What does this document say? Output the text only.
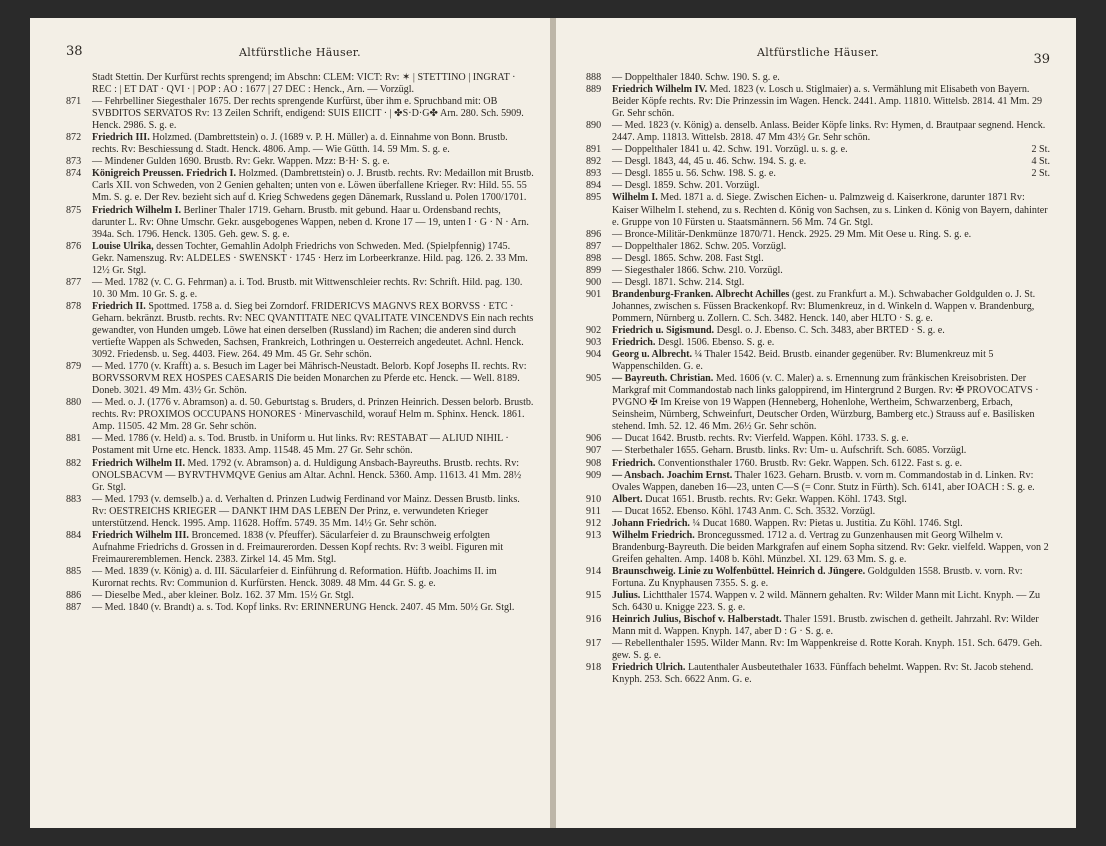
38	Altfürstliche Häuser.

Stadt Stettin. Der Kurfürst rechts sprengend; im Abschn: CLEM: VICT: Rv: ✶ | STETTINO | INGRAT · REC : | ET DAT · QVI · | POP : AO : 1677 | 27 DEC : Henck., Arn. — Vorzügl.

871	— Fehrbelliner Siegesthaler 1675. Der rechts sprengende Kurfürst, über ihm e. Spruchband mit: OB SVBDITOS SERVATOS Rv: 13 Zeilen Schrift, endigend: SUIS EIICIT · | ✤S·D·G✤ Arn. 280. Sch. 5909. Henck. 2986. S. g. e.

872	Friedrich III. Holzmed. (Dambrettstein) o. J. (1689 v. P. H. Müller) a. d. Einnahme von Bonn. Brustb. rechts. Rv: Beschiessung d. Stadt. Henck. 4806. Amp. — Wie Gütth. 14. 59 Mm. S. g. e.

873	— Mindener Gulden 1690. Brustb. Rv: Gekr. Wappen. Mzz: B·H· S. g. e.

874	Königreich Preussen. Friedrich I. Holzmed. (Dambrettstein) o. J. Brustb. rechts. Rv: Medaillon mit Brustb. Carls XII. von Schweden, von 2 Genien gehalten; unten von e. Löwen überfallene Krieger. Rv: Hild. 55. 55 Mm. S. g. e. Der Rev. bezieht sich auf d. Krieg Schwedens gegen Dänemark, Russland u. Polen 1700/1701.

875	Friedrich Wilhelm I. Berliner Thaler 1719. Geharn. Brustb. mit gebund. Haar u. Ordensband rechts, darunter L. Rv: Ohne Umschr. Gekr. ausgebogenes Wappen, neben d. Krone 17 — 19, unten I · G · N · Arn. 394a. Sch. 1796. Henck. 1305. Geh. gew. S. g. e.

876	Louise Ulrika, dessen Tochter, Gemahlin Adolph Friedrichs von Schweden. Med. (Spielpfennig) 1745. Gekr. Namenszug. Rv: ALDELES · SWENSKT · 1745 · Herz im Lorbeerkranze. Hild. pag. 126. 2. 33 Mm. 12½ Gr. Stgl.

877	— Med. 1782 (v. C. G. Fehrman) a. i. Tod. Brustb. mit Wittwenschleier rechts. Rv: Schrift. Hild. pag. 130. 10. 30 Mm. 10 Gr. S. g. e.

878	Friedrich II. Spottmed. 1758 a. d. Sieg bei Zorndorf. FRIDERICVS MAGNVS REX BORVSS · ETC · Geharn. bekränzt. Brustb. rechts. Rv: NEC QVANTITATE NEC QVALITATE VINCENDVS Ein nach rechts gewandter, von Hunden umgeb. Löwe hat einen derselben (Russland) im Rachen; die anderen sind durch vertiefte Wappen als Schweden, Sachsen, Frankreich, Lothringen u. Oesterreich angedeutet. Achnl. Henck. 3092. Friedensb. u. Seg. 4403. Fiew. 264. 49 Mm. 45 Gr. Sehr schön.

879	— Med. 1770 (v. Krafft) a. s. Besuch im Lager bei Mährisch-Neustadt. Belorb. Kopf Josephs II. rechts. Rv: BORVSSORVM REX HOSPES CAESARIS Die beiden Monarchen zu Pferde etc. Henck. — Well. 8189. Doneb. 3021. 49 Mm. 43½ Gr. Schön.

880	— Med. o. J. (1776 v. Abramson) a. d. 50. Geburtstag s. Bruders, d. Prinzen Heinrich. Dessen belorb. Brustb. rechts. Rv: PROXIMOS OCCUPANS HONORES · Minervaschild, worauf Helm m. Sphinx. Henck. 1861. Amp. 11505. 42 Mm. 28 Gr. Sehr schön.

881	— Med. 1786 (v. Held) a. s. Tod. Brustb. in Uniform u. Hut links. Rv: RESTABAT — ALIUD NIHIL · Postament mit Urne etc. Henck. 1833. Amp. 11548. 45 Mm. 27 Gr. Sehr schön.

882	Friedrich Wilhelm II. Med. 1792 (v. Abramson) a. d. Huldigung Ansbach-Bayreuths. Brustb. rechts. Rv: ONOLSBACVM — BYRVTHVMQVE Genius am Altar. Achnl. Henck. 5360. Amp. 11613. 41 Mm. 28½ Gr. Stgl.

883	— Med. 1793 (v. demselb.) a. d. Verhalten d. Prinzen Ludwig Ferdinand vor Mainz. Dessen Brustb. links. Rv: OESTREICHS KRIEGER — DANKT IHM DAS LEBEN Der Prinz, e. verwundeten Krieger unterstützend. Henck. 1995. Amp. 11628. Hoffm. 5749. 35 Mm. 14½ Gr. Sehr schön.

884	Friedrich Wilhelm III. Broncemed. 1838 (v. Pfeuffer). Säcularfeier d. zu Braunschweig erfolgten Aufnahme Friedrichs d. Grossen in d. Freimaurerorden. Dessen Kopf rechts. Rv: 3 weibl. Figuren mit Freimaureremblemen. Henck. 2383. Zirkel 14. 45 Mm. Stgl.

885	— Med. 1839 (v. König) a. d. III. Säcularfeier d. Einführung d. Reformation. Hüftb. Joachims II. im Kurornat rechts. Rv: Communion d. Kurfürsten. Henck. 3089. 48 Mm. 44 Gr. S. g. e.

886	— Dieselbe Med., aber kleiner. Bolz. 162. 37 Mm. 15½ Gr. Stgl.

887	— Med. 1840 (v. Brandt) a. s. Tod. Kopf links. Rv: ERINNERUNG Henck. 2407. 45 Mm. 50½ Gr. Stgl.

Altfürstliche Häuser.	39

888	— Doppelthaler 1840. Schw. 190. S. g. e.

889	Friedrich Wilhelm IV. Med. 1823 (v. Losch u. Stiglmaier) a. s. Vermählung mit Elisabeth von Bayern. Beider Köpfe rechts. Rv: Die Prinzessin im Wagen. Henck. 2441. Amp. 11810. Wittelsb. 2814. 41 Mm. 29 Gr. Sehr schön.

890	— Med. 1823 (v. König) a. denselb. Anlass. Beider Köpfe links. Rv: Hymen, d. Brautpaar segnend. Henck. 2447. Amp. 11813. Wittelsb. 2818. 47 Mm 43½ Gr. Sehr schön.

891	— Doppelthaler 1841 u. 42. Schw. 191. Vorzügl. u. s. g. e.	2 St.

892	— Desgl. 1843, 44, 45 u. 46. Schw. 194. S. g. e.	4 St.

893	— Desgl. 1855 u. 56. Schw. 198. S. g. e.	2 St.

894	— Desgl. 1859. Schw. 201. Vorzügl.

895	Wilhelm I. Med. 1871 a. d. Siege. Zwischen Eichen- u. Palmzweig d. Kaiserkrone, darunter 1871 Rv: Kaiser Wilhelm I. stehend, zu s. Rechten d. König von Sachsen, zu s. Linken d. König von Bayern, dahinter e. Gruppe von 10 Fürsten u. Staatsmännern. 56 Mm. 74 Gr. Stgl.

896	— Bronce-Militär-Denkmünze 1870/71. Henck. 2925. 29 Mm. Mit Oese u. Ring. S. g. e.

897	— Doppelthaler 1862. Schw. 205. Vorzügl.

898	— Desgl. 1865. Schw. 208. Fast Stgl.

899	— Siegesthaler 1866. Schw. 210. Vorzügl.

900	— Desgl. 1871. Schw. 214. Stgl.

901	Brandenburg-Franken. Albrecht Achilles (gest. zu Frankfurt a. M.). Schwabacher Goldgulden o. J. St. Johannes, zwischen s. Füssen Brackenkopf. Rv: Blumenkreuz, in d. Winkeln d. Wappen v. Brandenburg, Pommern, Nürnberg u. Zollern. C. Sch. 3482. Henck. 140, aber HLTO · S. g. e.

902	Friedrich u. Sigismund. Desgl. o. J. Ebenso. C. Sch. 3483, aber BRTED · S. g. e.

903	Friedrich. Desgl. 1506. Ebenso. S. g. e.

904	Georg u. Albrecht. ¼ Thaler 1542. Beid. Brustb. einander gegenüber. Rv: Blumenkreuz mit 5 Wappenschilden. G. e.

905	— Bayreuth. Christian. Med. 1606 (v. C. Maler) a. s. Ernennung zum fränkischen Kreisobristen. Der Markgraf mit Commandostab nach links galoppirend, im Hintergrund 2 Burgen. Rv: ✠ PROVOCATVS · PVGNO ✠ Im Kreise von 19 Wappen (Henneberg, Hohenlohe, Wertheim, Schwarzenberg, Erbach, Seinsheim, Nürnberg, Schweinfurt, Deutscher Orden, Würzburg, Bamberg etc.) Strauss auf e. Basilisken stehend. Imh. 52. 12. 46 Mm. 26½ Gr. Sehr schön.

906	— Ducat 1642. Brustb. rechts. Rv: Vierfeld. Wappen. Köhl. 1733. S. g. e.

907	— Sterbethaler 1655. Geharn. Brustb. links. Rv: Um- u. Aufschrift. Sch. 6085. Vorzügl.

908	Friedrich. Conventionsthaler 1760. Brustb. Rv: Gekr. Wappen. Sch. 6122. Fast s. g. e.

909	— Ansbach. Joachim Ernst. Thaler 1623. Geharn. Brustb. v. vorn m. Commandostab in d. Linken. Rv: Ovales Wappen, daneben 16—23, unten C—S (= Conr. Stutz in Fürth). Sch. 6141, aber IOACH : S. g. e.

910	Albert. Ducat 1651. Brustb. rechts. Rv: Gekr. Wappen. Köhl. 1743. Stgl.

911	— Ducat 1652. Ebenso. Köhl. 1743 Anm. C. Sch. 3532. Vorzügl.

912	Johann Friedrich. ¼ Ducat 1680. Wappen. Rv: Pietas u. Justitia. Zu Köhl. 1746. Stgl.

913	Wilhelm Friedrich. Broncegussmed. 1712 a. d. Vertrag zu Gunzenhausen mit Georg Wilhelm v. Brandenburg-Bayreuth. Die beiden Markgrafen auf einem Sopha sitzend. Rv: Gekr. vielfeld. Wappen, von 2 Greifen gehalten. Amp. 1408 b. Köhl. Münzbel. XI. 129. 63 Mm. S. g. e.

914	Braunschweig. Linie zu Wolfenbüttel. Heinrich d. Jüngere. Goldgulden 1558. Brustb. v. vorn. Rv: Fortuna. Zu Knyphausen 7355. S. g. e.

915	Julius. Lichtthaler 1574. Wappen v. 2 wild. Männern gehalten. Rv: Wilder Mann mit Licht. Knyph. — Zu Sch. 6430 u. Knigge 223. S. g. e.

916	Heinrich Julius, Bischof v. Halberstadt. Thaler 1591. Brustb. zwischen d. getheilt. Jahrzahl. Rv: Wilder Mann mit d. Wappen. Knyph. 147, aber D : G · S. g. e.

917	— Rebellenthaler 1595. Wilder Mann. Rv: Im Wappenkreise d. Rotte Korah. Knyph. 151. Sch. 6479. Geh. gew. S. g. e.

918	Friedrich Ulrich. Lautenthaler Ausbeutethaler 1633. Fünffach behelmt. Wappen. Rv: St. Jacob stehend. Knyph. 253. Sch. 6622 Anm. G. e.
